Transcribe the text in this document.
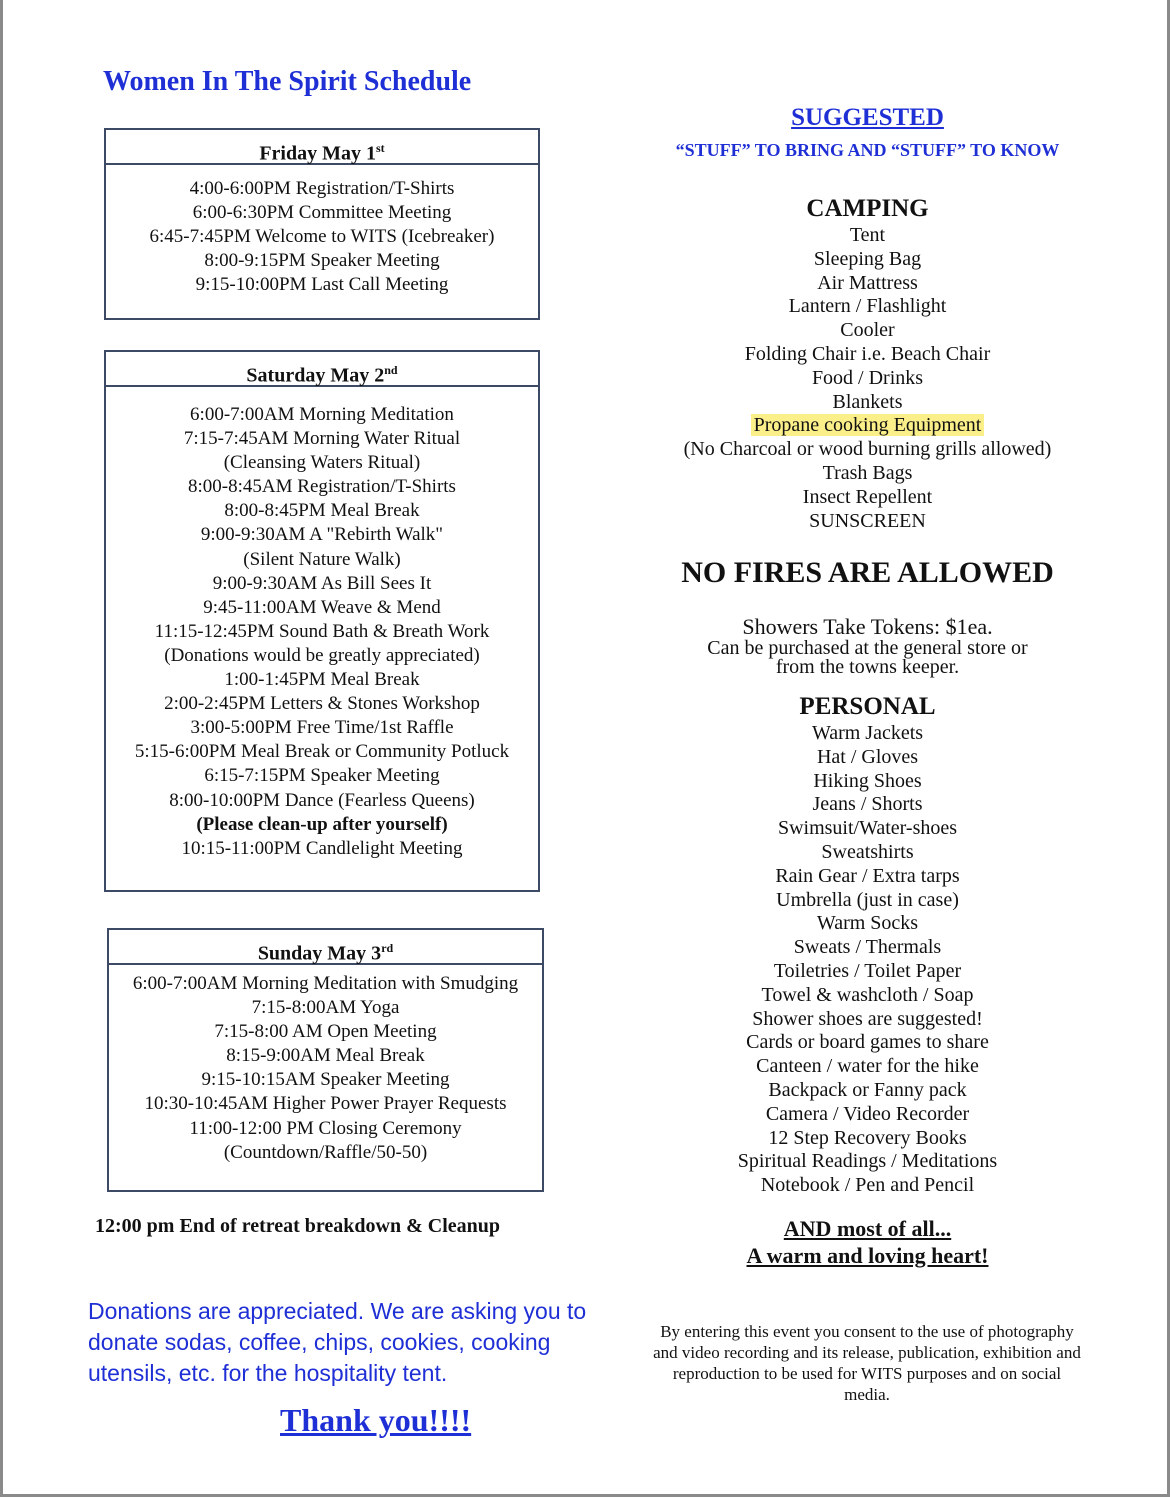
Women In The Spirit Schedule
Friday May 1st
4:00-6:00PM Registration/T-Shirts
6:00-6:30PM Committee Meeting
6:45-7:45PM Welcome to WITS (Icebreaker)
8:00-9:15PM Speaker Meeting
9:15-10:00PM Last Call Meeting
Saturday May 2nd
6:00-7:00AM Morning Meditation
7:15-7:45AM Morning Water Ritual
(Cleansing Waters Ritual)
8:00-8:45AM Registration/T-Shirts
8:00-8:45PM Meal Break
9:00-9:30AM A "Rebirth Walk"
(Silent Nature Walk)
9:00-9:30AM As Bill Sees It
9:45-11:00AM Weave & Mend
11:15-12:45PM Sound Bath & Breath Work
(Donations would be greatly appreciated)
1:00-1:45PM Meal Break
2:00-2:45PM Letters & Stones Workshop
3:00-5:00PM Free Time/1st Raffle
5:15-6:00PM Meal Break or Community Potluck
6:15-7:15PM Speaker Meeting
8:00-10:00PM Dance (Fearless Queens)
(Please clean-up after yourself)
10:15-11:00PM Candlelight Meeting
Sunday May 3rd
6:00-7:00AM Morning Meditation with Smudging
7:15-8:00AM Yoga
7:15-8:00 AM Open Meeting
8:15-9:00AM Meal Break
9:15-10:15AM Speaker Meeting
10:30-10:45AM Higher Power Prayer Requests
11:00-12:00 PM Closing Ceremony
(Countdown/Raffle/50-50)
12:00 pm End of retreat breakdown & Cleanup
Donations are appreciated. We are asking you to donate sodas, coffee, chips, cookies, cooking utensils, etc. for the hospitality tent.
Thank you!!!!
SUGGESTED
“STUFF” TO BRING AND “STUFF” TO KNOW
CAMPING
Tent
Sleeping Bag
Air Mattress
Lantern / Flashlight
Cooler
Folding Chair i.e. Beach Chair
Food / Drinks
Blankets
Propane cooking Equipment
(No Charcoal or wood burning grills allowed)
Trash Bags
Insect Repellent
SUNSCREEN
NO FIRES ARE ALLOWED
Showers Take Tokens: $1ea.
Can be purchased at the general store or
from the towns keeper.
PERSONAL
Warm Jackets
Hat / Gloves
Hiking Shoes
Jeans / Shorts
Swimsuit/Water-shoes
Sweatshirts
Rain Gear / Extra tarps
Umbrella (just in case)
Warm Socks
Sweats / Thermals
Toiletries / Toilet Paper
Towel & washcloth / Soap
Shower shoes are suggested!
Cards or board games to share
Canteen / water for the hike
Backpack or Fanny pack
Camera / Video Recorder
12 Step Recovery Books
Spiritual Readings / Meditations
Notebook / Pen and Pencil
AND most of all...
A warm and loving heart!
By entering this event you consent to the use of photography and video recording and its release, publication, exhibition and reproduction to be used for WITS purposes and on social media.
